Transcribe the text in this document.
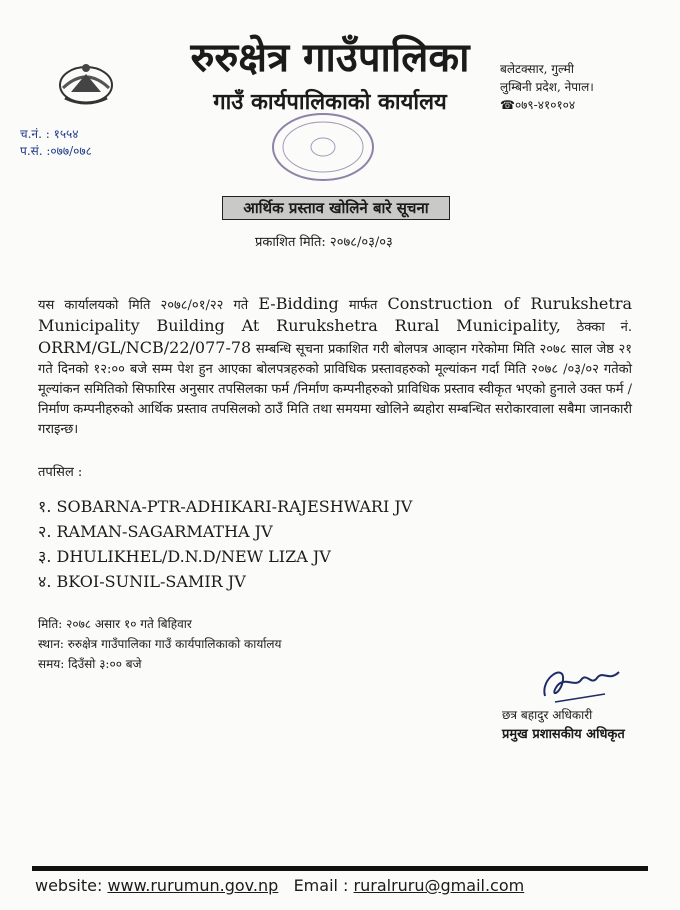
रुरुक्षेत्र गाउँपालिका
गाउँ कार्यपालिकाको कार्यालय
बलेटक्सार, गुल्मी
लुम्बिनी प्रदेश, नेपाल।
☎०७९-४१०१०४
च.नं. : १५५४
प.सं. :०७७/०७८
आर्थिक प्रस्ताव खोलिने बारे सूचना
प्रकाशित मिति: २०७८/०३/०३
यस कार्यालयको मिति २०७८/०१/२२ गते E-Bidding मार्फत Construction of Rurukshetra Municipality Building At Rurukshetra Rural Municipality, ठेक्का नं. ORRM/GL/NCB/22/077-78 सम्बन्धि सूचना प्रकाशित गरी बोलपत्र आव्हान गरेकोमा मिति २०७८ साल जेष्ठ २१ गते दिनको १२:०० बजे सम्म पेश हुन आएका बोलपत्रहरुको प्राविधिक प्रस्तावहरुको मूल्यांकन गर्दा मिति २०७८ /०३/०२ गतेको मूल्यांकन समितिको सिफारिस अनुसार तपसिलका फर्म /निर्माण कम्पनीहरुको प्राविधिक प्रस्ताव स्वीकृत भएको हुनाले उक्त फर्म /निर्माण कम्पनीहरुको आर्थिक प्रस्ताव तपसिलको ठाउँ मिति तथा समयमा खोलिने ब्यहोरा सम्बन्धित सरोकारवाला सबैमा जानकारी गराइन्छ।
तपसिल :
१. SOBARNA-PTR-ADHIKARI-RAJESHWARI JV
२. RAMAN-SAGARMATHA JV
३. DHULIKHEL/D.N.D/NEW LIZA JV
४. BKOI-SUNIL-SAMIR JV
मिति: २०७८ असार १० गते बिहिवार
स्थान: रुरुक्षेत्र गाउँपालिका गाउँ कार्यपालिकाको कार्यालय
समय: दिउँसो ३:०० बजे
छत्र बहादुर अधिकारी
प्रमुख प्रशासकीय अधिकृत
website: www.rurumun.gov.np Email : ruralruru@gmail.com
